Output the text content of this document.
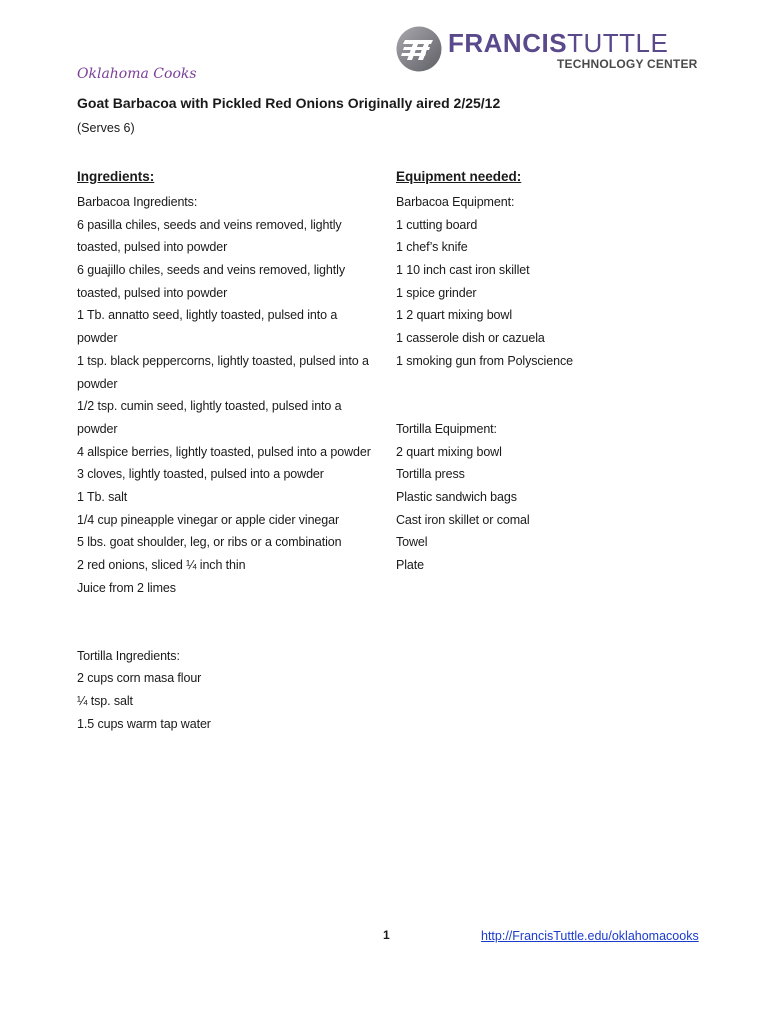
FRANCISTUTTLE
TECHNOLOGY CENTER
Oklahoma Cooks
Goat Barbacoa with Pickled Red Onions Originally aired 2/25/12
(Serves 6)
Ingredients:
Barbacoa Ingredients:
6 pasilla chiles, seeds and veins removed, lightly
toasted, pulsed into powder
6 guajillo chiles, seeds and veins removed, lightly
toasted, pulsed into powder
1 Tb. annatto seed, lightly toasted, pulsed into a
powder
1 tsp. black peppercorns, lightly toasted, pulsed into a
powder
1/2 tsp. cumin seed, lightly toasted, pulsed into a
powder
4 allspice berries, lightly toasted, pulsed into a powder
3 cloves, lightly toasted, pulsed into a powder
1 Tb. salt
1/4 cup pineapple vinegar or apple cider vinegar
5 lbs. goat shoulder, leg, or ribs or a combination
2 red onions, sliced ¼ inch thin
Juice from 2 limes
Tortilla Ingredients:
2 cups corn masa flour
¼ tsp. salt
1.5 cups warm tap water
Equipment needed:
Barbacoa Equipment:
1 cutting board
1 chef’s knife
1 10 inch cast iron skillet
1 spice grinder
1 2 quart mixing bowl
1 casserole dish or cazuela
1 smoking gun from Polyscience
Tortilla Equipment:
2 quart mixing bowl
Tortilla press
Plastic sandwich bags
Cast iron skillet or comal
Towel
Plate
1	http://FrancisTuttle.edu/oklahomacooks
